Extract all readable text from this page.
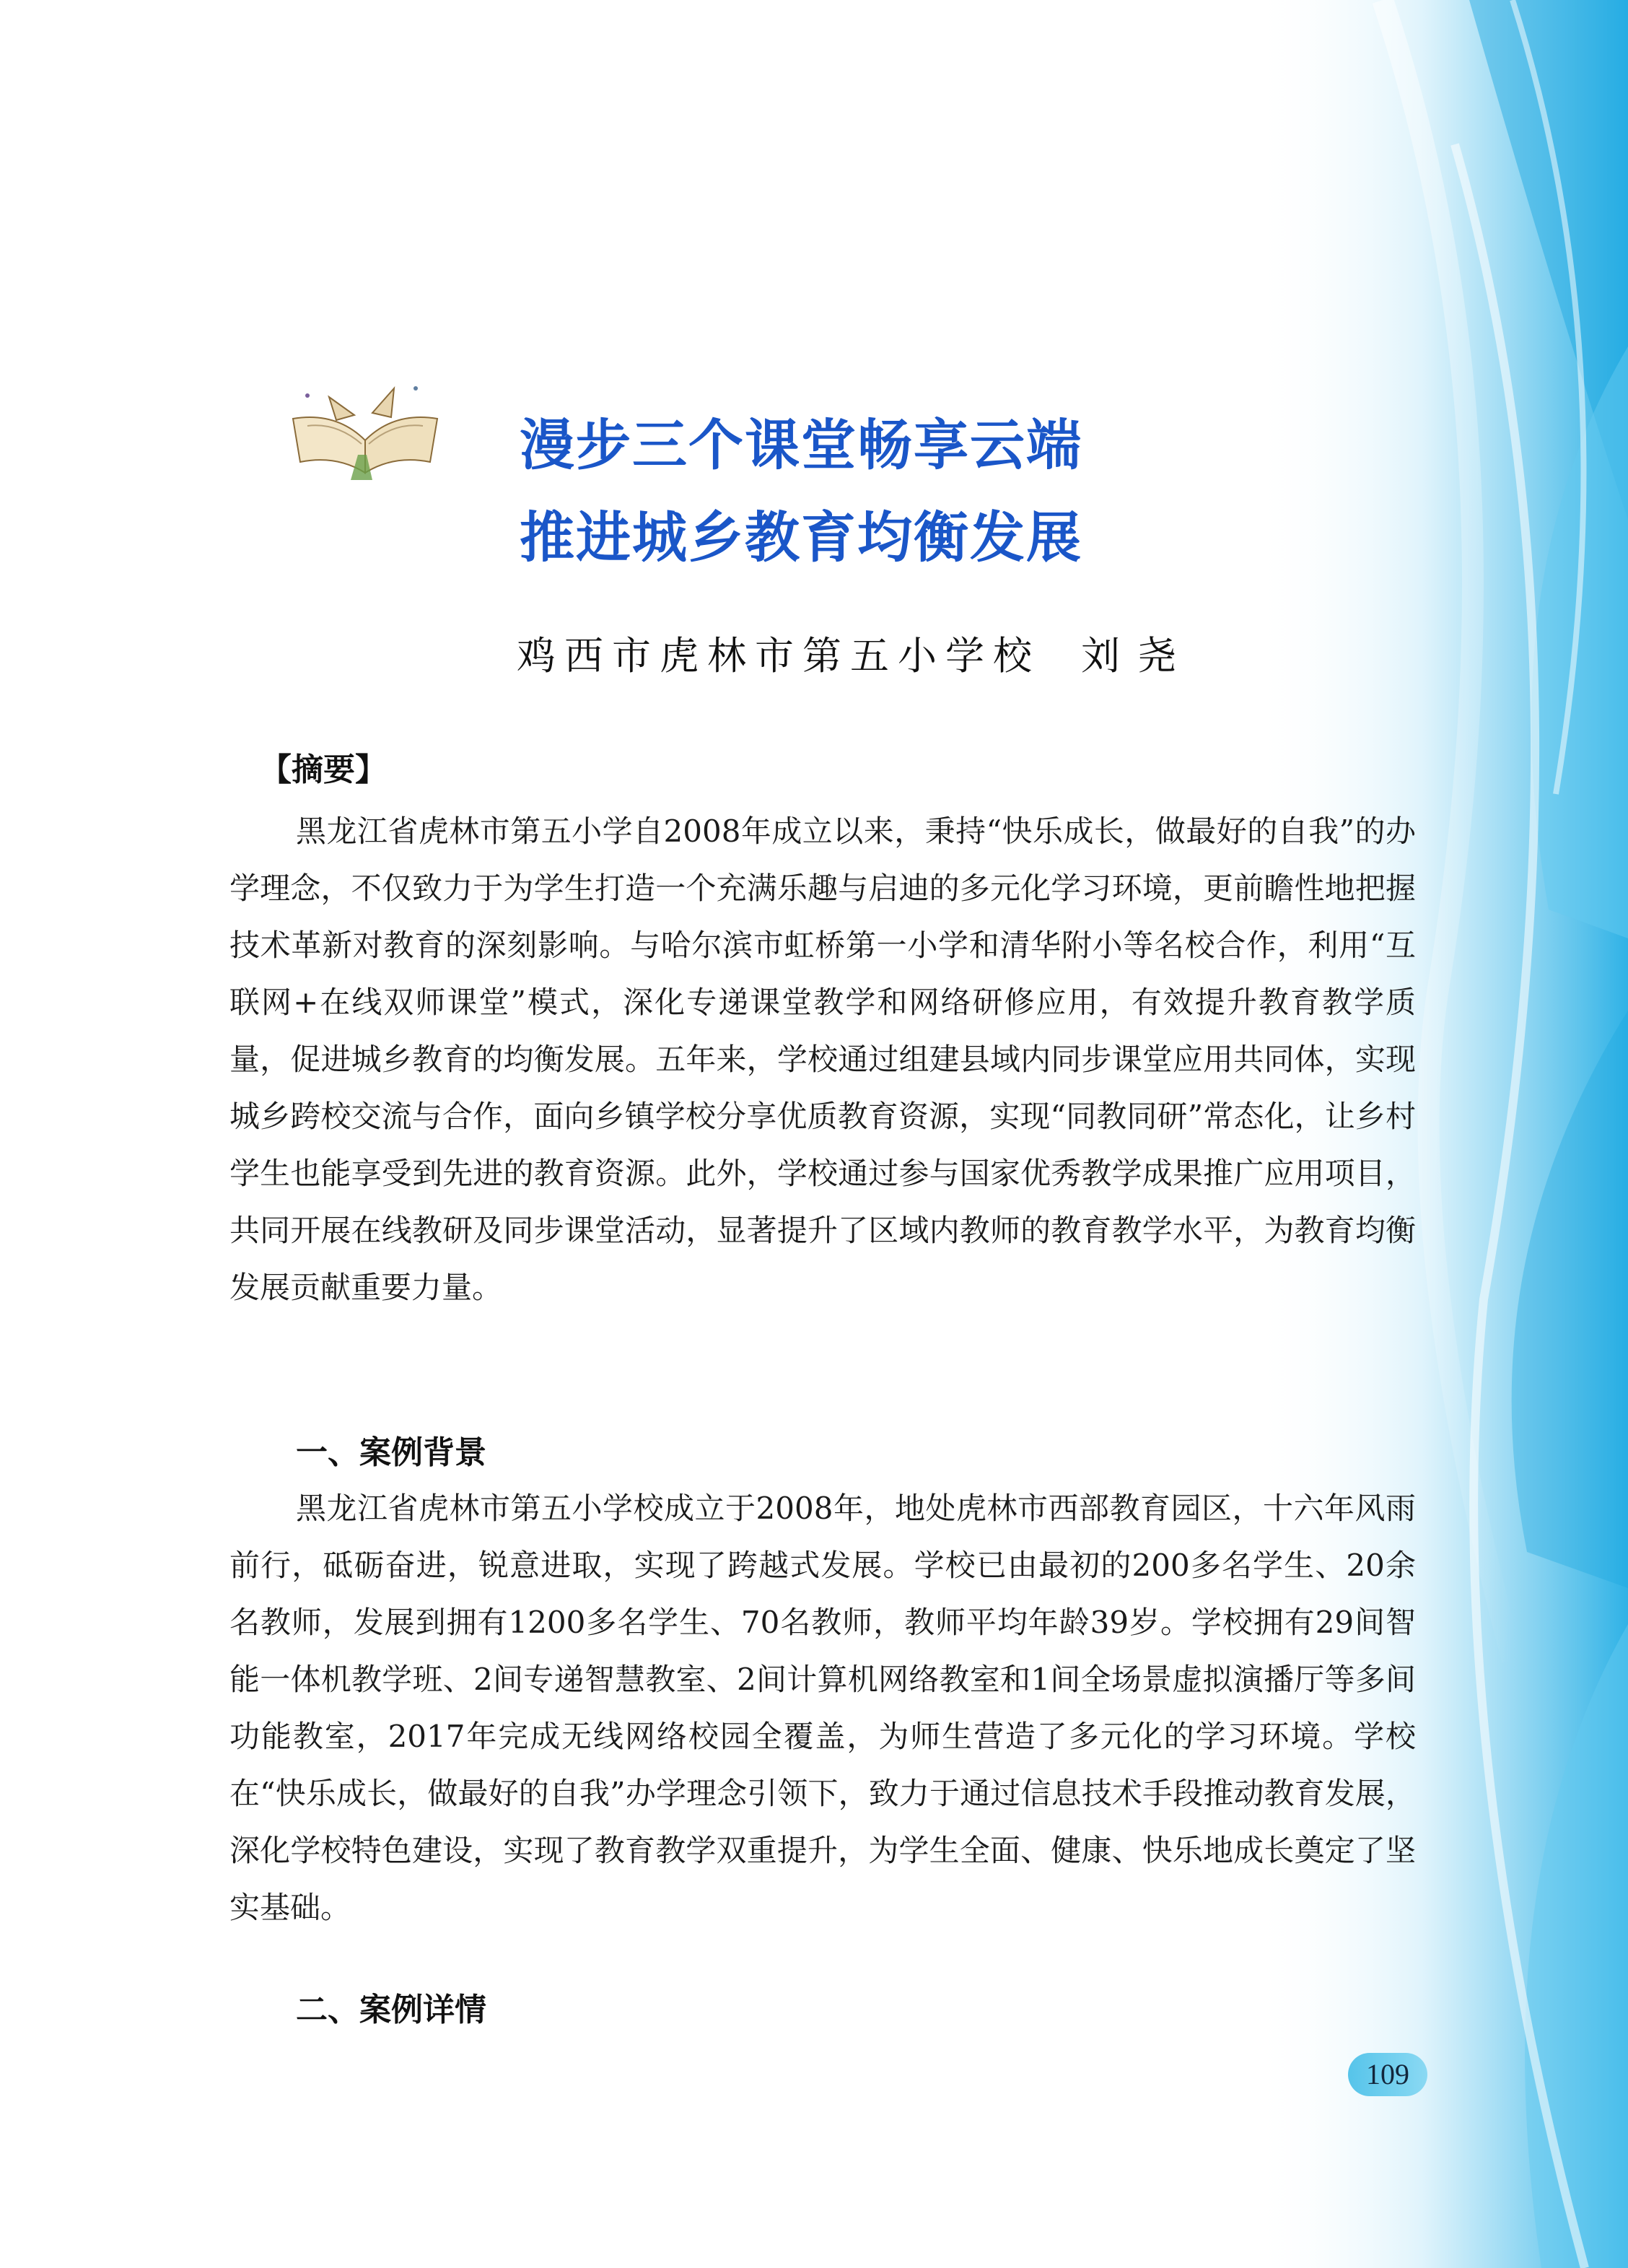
漫步三个课堂畅享云端
推进城乡教育均衡发展
鸡西市虎林市第五小学校 刘尧
【摘要】

黑龙江省虎林市第五小学自2008年成立以来，秉持“快乐成长，做最好的自我”的办学理念，不仅致力于为学生打造一个充满乐趣与启迪的多元化学习环境，更前瞻性地把握技术革新对教育的深刻影响。与哈尔滨市虹桥第一小学和清华附小等名校合作，利用“互联网+在线双师课堂”模式，深化专递课堂教学和网络研修应用，有效提升教育教学质量，促进城乡教育的均衡发展。五年来，学校通过组建县域内同步课堂应用共同体，实现城乡跨校交流与合作，面向乡镇学校分享优质教育资源，实现“同教同研”常态化，让乡村学生也能享受到先进的教育资源。此外，学校通过参与国家优秀教学成果推广应用项目，共同开展在线教研及同步课堂活动，显著提升了区域内教师的教育教学水平，为教育均衡发展贡献重要力量。

一、案例背景

黑龙江省虎林市第五小学校成立于2008年，地处虎林市西部教育园区，十六年风雨前行，砥砺奋进，锐意进取，实现了跨越式发展。学校已由最初的200多名学生、20余名教师，发展到拥有1200多名学生、70名教师，教师平均年龄39岁。学校拥有29间智能一体机教学班、2间专递智慧教室、2间计算机网络教室和1间全场景虚拟演播厅等多间功能教室，2017年完成无线网络校园全覆盖，为师生营造了多元化的学习环境。学校在“快乐成长，做最好的自我”办学理念引领下，致力于通过信息技术手段推动教育发展，深化学校特色建设，实现了教育教学双重提升，为学生全面、健康、快乐地成长奠定了坚实基础。

二、案例详情
109
